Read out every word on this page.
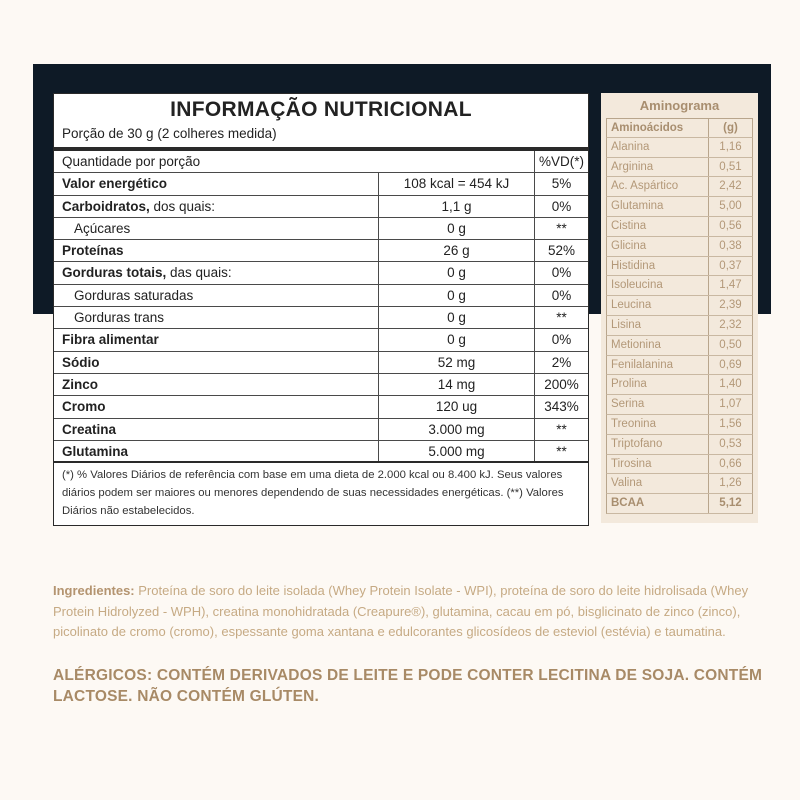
INFORMAÇÃO NUTRICIONAL
Porção de 30 g (2 colheres medida)
Quantidade por porção	%VD(*)
Valor energético	108 kcal = 454 kJ	5%
Carboidratos, dos quais:	1,1 g	0%
Açúcares	0 g	**
Proteínas	26 g	52%
Gorduras totais, das quais:	0 g	0%
Gorduras saturadas	0 g	0%
Gorduras trans	0 g	**
Fibra alimentar	0 g	0%
Sódio	52 mg	2%
Zinco	14 mg	200%
Cromo	120 ug	343%
Creatina	3.000 mg	**
Glutamina	5.000 mg	**
(*) % Valores Diários de referência com base em uma dieta de 2.000 kcal ou 8.400 kJ. Seus valores diários podem ser maiores ou menores dependendo de suas necessidades energéticas. (**) Valores Diários não estabelecidos.
Aminograma
Aminoácidos	(g)
Alanina	1,16
Arginina	0,51
Ac. Aspártico	2,42
Glutamina	5,00
Cistina	0,56
Glicina	0,38
Histidina	0,37
Isoleucina	1,47
Leucina	2,39
Lisina	2,32
Metionina	0,50
Fenilalanina	0,69
Prolina	1,40
Serina	1,07
Treonina	1,56
Triptofano	0,53
Tirosina	0,66
Valina	1,26
BCAA	5,12
Ingredientes: Proteína de soro do leite isolada (Whey Protein Isolate - WPI), proteína de soro do leite hidrolisada (Whey Protein Hidrolyzed - WPH), creatina monohidratada (Creapure®), glutamina, cacau em pó, bisglicinato de zinco (zinco), picolinato de cromo (cromo), espessante goma xantana e edulcorantes glicosídeos de esteviol (estévia) e taumatina.
ALÉRGICOS: CONTÉM DERIVADOS DE LEITE E PODE CONTER LECITINA DE SOJA. CONTÉM LACTOSE. NÃO CONTÉM GLÚTEN.
